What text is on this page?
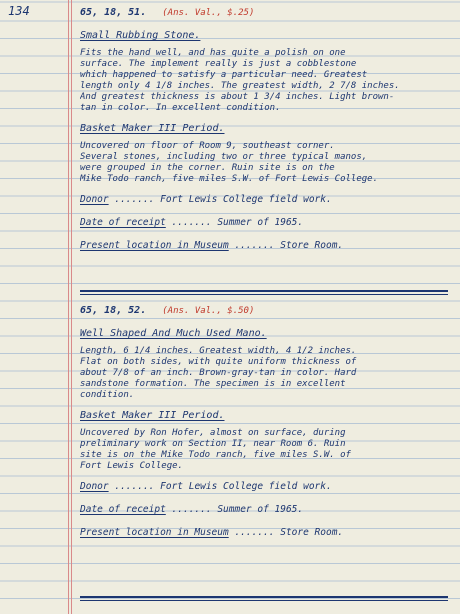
134	65, 18, 51. (Ans. Val., $.25)
Small Rubbing Stone.
Fits the hand well, and has quite a polish on one
surface. The implement really is just a cobblestone
which happened to satisfy a particular need. Greatest
length only 4 1/8 inches. The greatest width, 2 7/8 inches.
And greatest thickness is about 1 3/4 inches. Light brown-
tan in color. In excellent condition.
Basket Maker III Period.
Uncovered on floor of Room 9, southeast corner.
Several stones, including two or three typical manos,
were grouped in the corner. Ruin site is on the
Mike Todo ranch, five miles S.W. of Fort Lewis College.
Donor ....... Fort Lewis College field work.
Date of receipt ....... Summer of 1965.
Present location in Museum ....... Store Room.
65, 18, 52. (Ans. Val., $.50)
Well Shaped And Much Used Mano.
Length, 6 1/4 inches. Greatest width, 4 1/2 inches.
Flat on both sides, with quite uniform thickness of
about 7/8 of an inch. Brown-gray-tan in color. Hard
sandstone formation. The specimen is in excellent
condition.
Basket Maker III Period.
Uncovered by Ron Hofer, almost on surface, during
preliminary work on Section II, near Room 6. Ruin
site is on the Mike Todo ranch, five miles S.W. of
Fort Lewis College.
Donor ....... Fort Lewis College field work.
Date of receipt ....... Summer of 1965.
Present location in Museum ....... Store Room.
